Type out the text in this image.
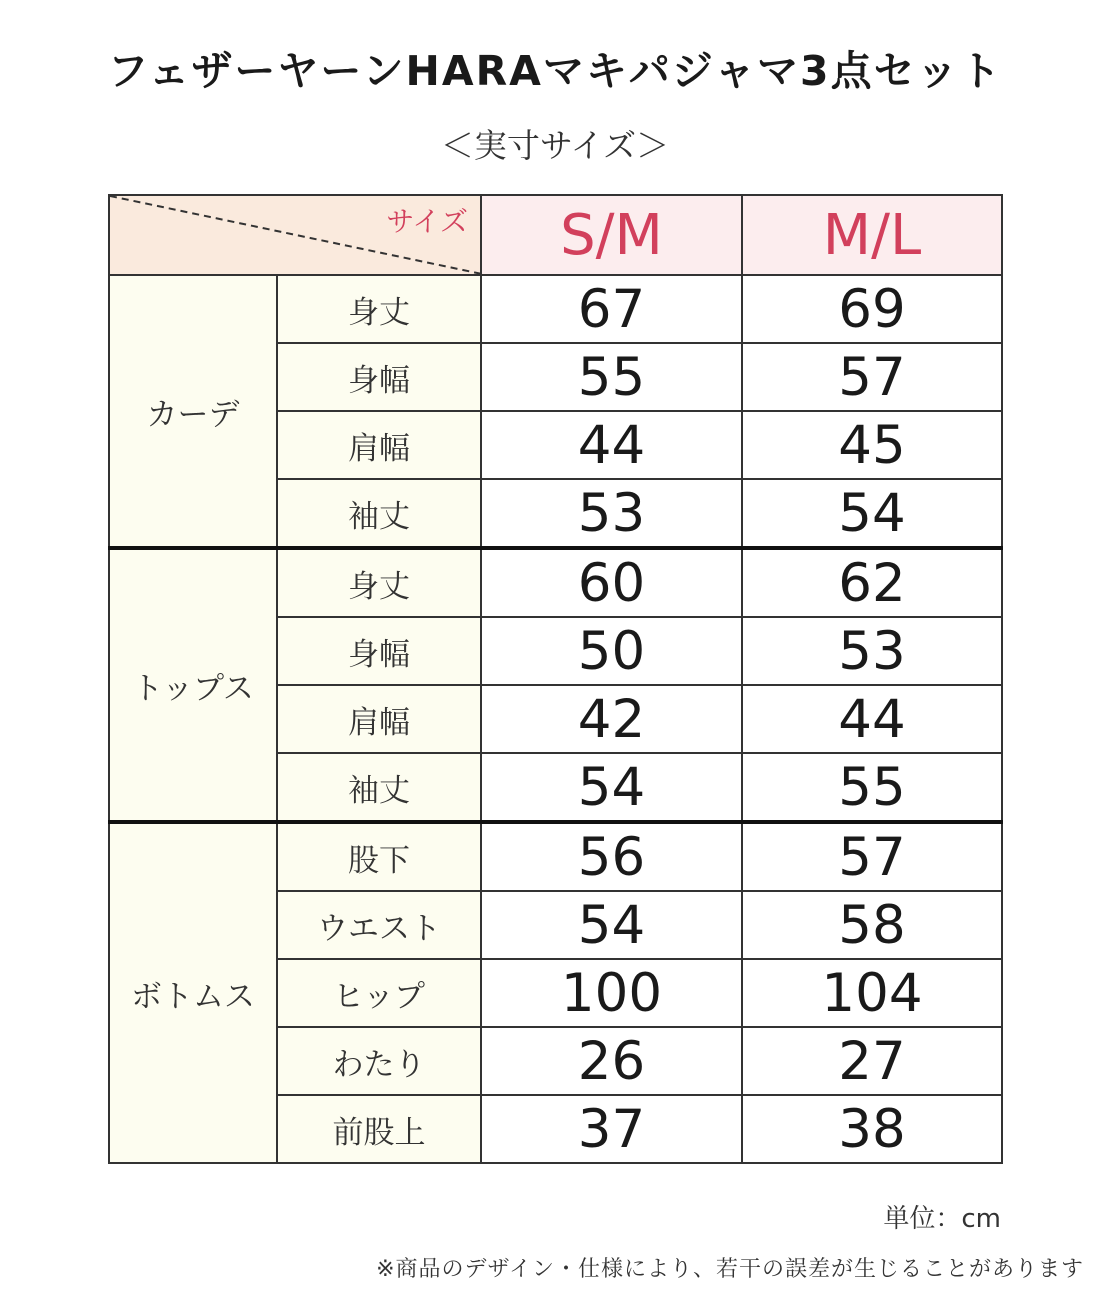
フェザーヤーンHARAマキパジャマ3点セット
＜実寸サイズ＞
サイズ		S/M	M/L
カーデ	身丈	67	69
	身幅	55	57
	肩幅	44	45
	袖丈	53	54
トップス	身丈	60	62
	身幅	50	53
	肩幅	42	44
	袖丈	54	55
ボトムス	股下	56	57
	ウエスト	54	58
	ヒップ	100	104
	わたり	26	27
	前股上	37	38
単位：cm
※商品のデザイン・仕様により、若干の誤差が生じることがあります
